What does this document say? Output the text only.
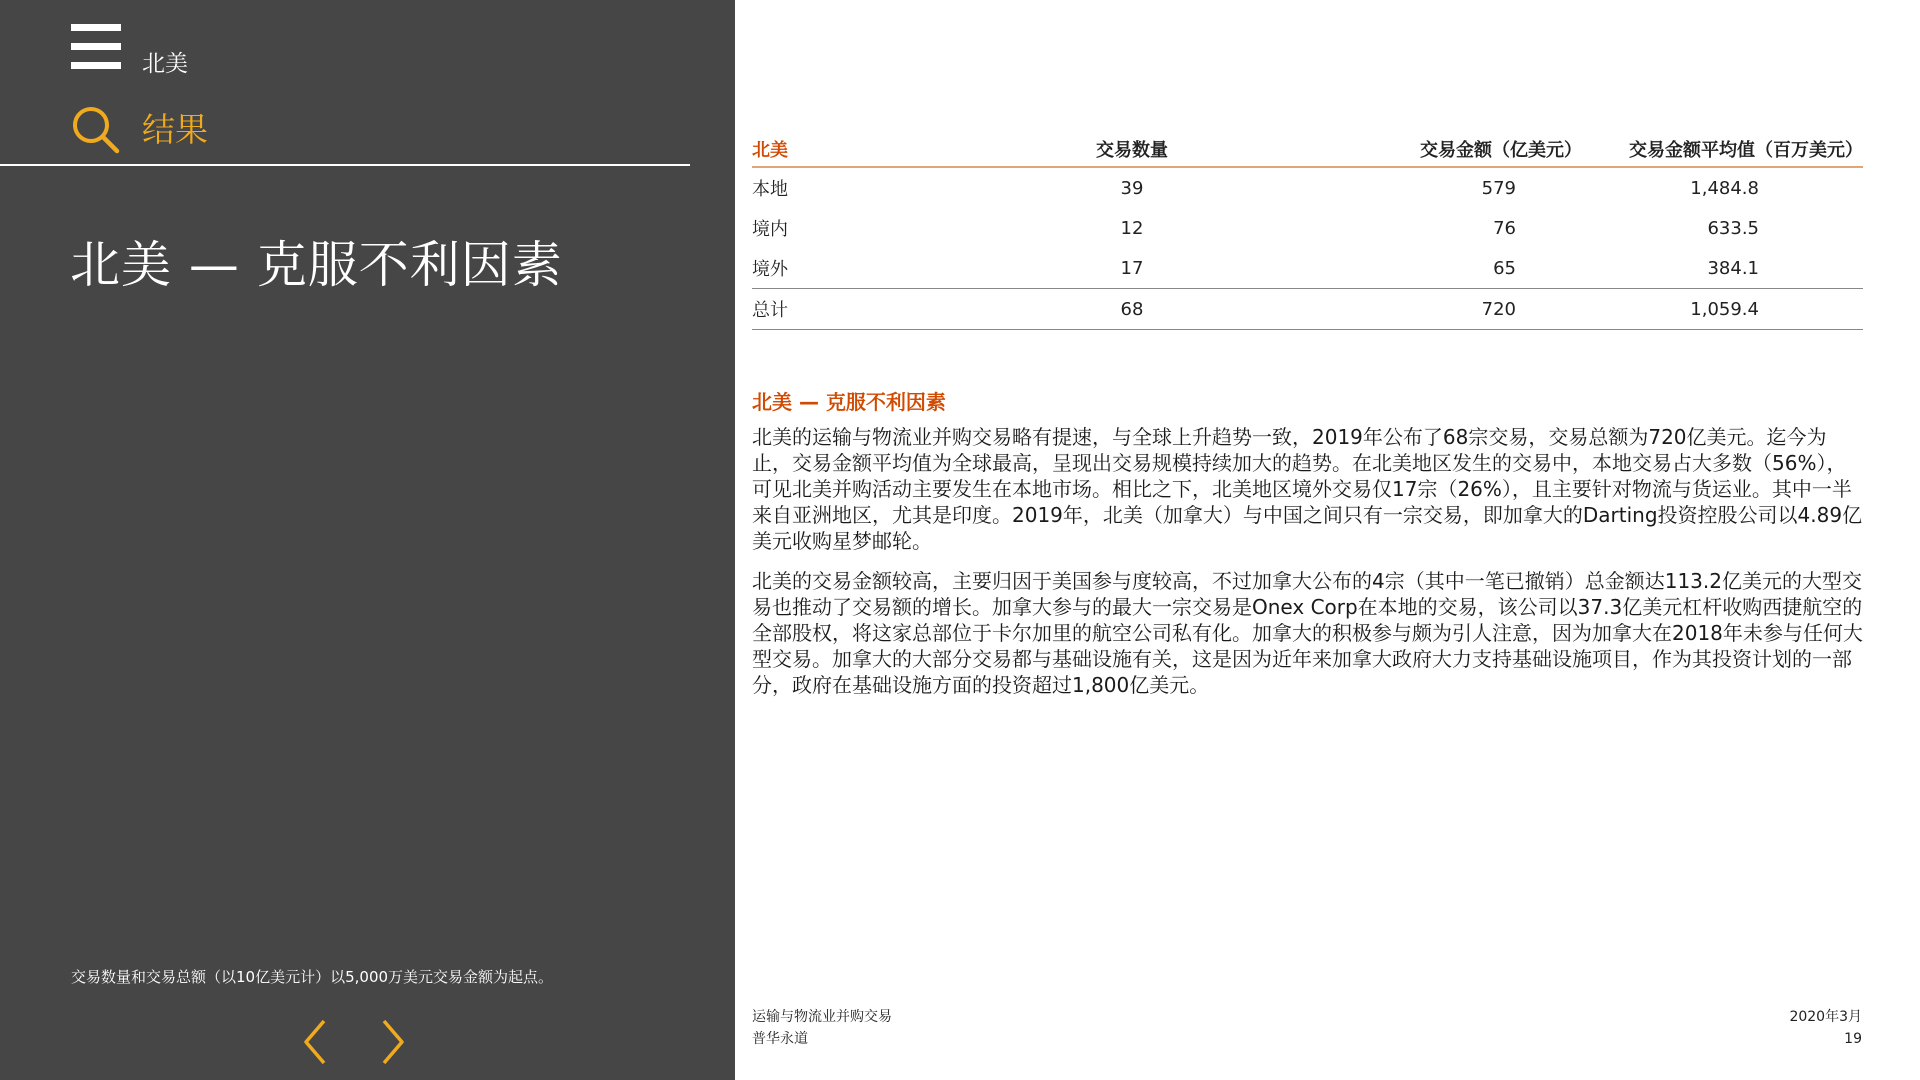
北美
结果
北美 — 克服不利因素
交易数量和交易总额（以10亿美元计）以5,000万美元交易金额为起点。
北美	交易数量	交易金额（亿美元）	交易金额平均值（百万美元）
本地	39	579	1,484.8
境内	12	76	633.5
境外	17	65	384.1
总计	68	720	1,059.4
北美 — 克服不利因素

北美的运输与物流业并购交易略有提速，与全球上升趋势一致，2019年公布了68宗交易，交易总额为720亿美元。迄今为止，交易金额平均值为全球最高，呈现出交易规模持续加大的趋势。在北美地区发生的交易中，本地交易占大多数（56%），可见北美并购活动主要发生在本地市场。相比之下，北美地区境外交易仅17宗（26%），且主要针对物流与货运业。其中一半来自亚洲地区，尤其是印度。2019年，北美（加拿大）与中国之间只有一宗交易，即加拿大的Darting投资控股公司以4.89亿美元收购星梦邮轮。

北美的交易金额较高，主要归因于美国参与度较高，不过加拿大公布的4宗（其中一笔已撤销）总金额达113.2亿美元的大型交易也推动了交易额的增长。加拿大参与的最大一宗交易是Onex Corp在本地的交易，该公司以37.3亿美元杠杆收购西捷航空的全部股权，将这家总部位于卡尔加里的航空公司私有化。加拿大的积极参与颇为引人注意，因为加拿大在2018年未参与任何大型交易。加拿大的大部分交易都与基础设施有关，这是因为近年来加拿大政府大力支持基础设施项目，作为其投资计划的一部分，政府在基础设施方面的投资超过1,800亿美元。

运输与物流业并购交易
普华永道
2020年3月
19
